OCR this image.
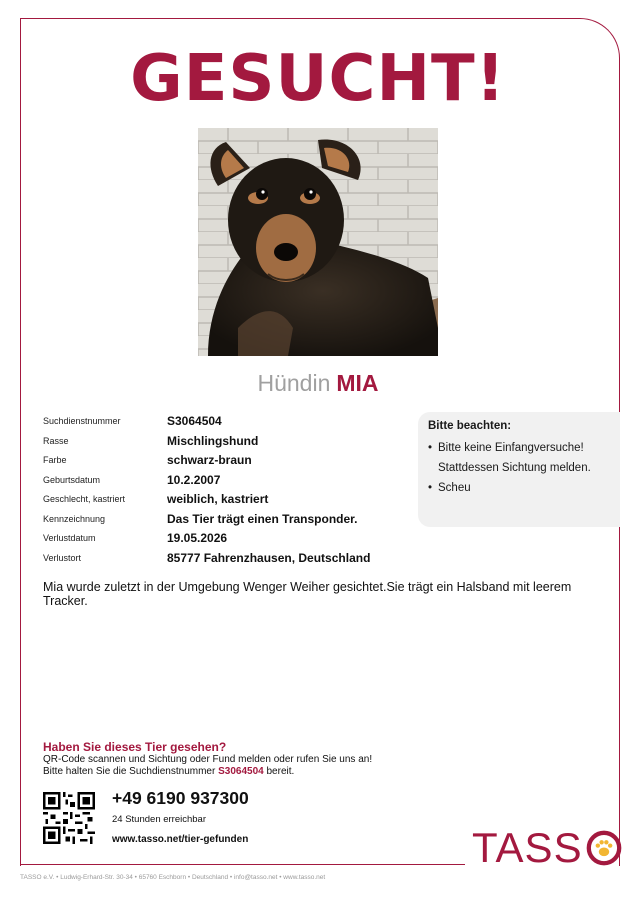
GESUCHT!
Hündin MIA
Suchdienstnummer	S3064504
Rasse	Mischlingshund
Farbe	schwarz-braun
Geburtsdatum	10.2.2007
Geschlecht, kastriert	weiblich, kastriert
Kennzeichnung	Das Tier trägt einen Transponder.
Verlustdatum	19.05.2026
Verlustort	85777 Fahrenzhausen, Deutschland
Bitte beachten:
• Bitte keine Einfangversuche! Stattdessen Sichtung melden.
• Scheu
Mia wurde zuletzt in der Umgebung Wenger Weiher gesichtet.Sie trägt ein Halsband mit leerem Tracker.
Haben Sie dieses Tier gesehen?
QR-Code scannen und Sichtung oder Fund melden oder rufen Sie uns an!
Bitte halten Sie die Suchdienstnummer S3064504 bereit.
+49 6190 937300
24 Stunden erreichbar
www.tasso.net/tier-gefunden	TASS
TASSO e.V. • Ludwig-Erhard-Str. 30-34 • 65760 Eschborn • Deutschland • info@tasso.net • www.tasso.net
